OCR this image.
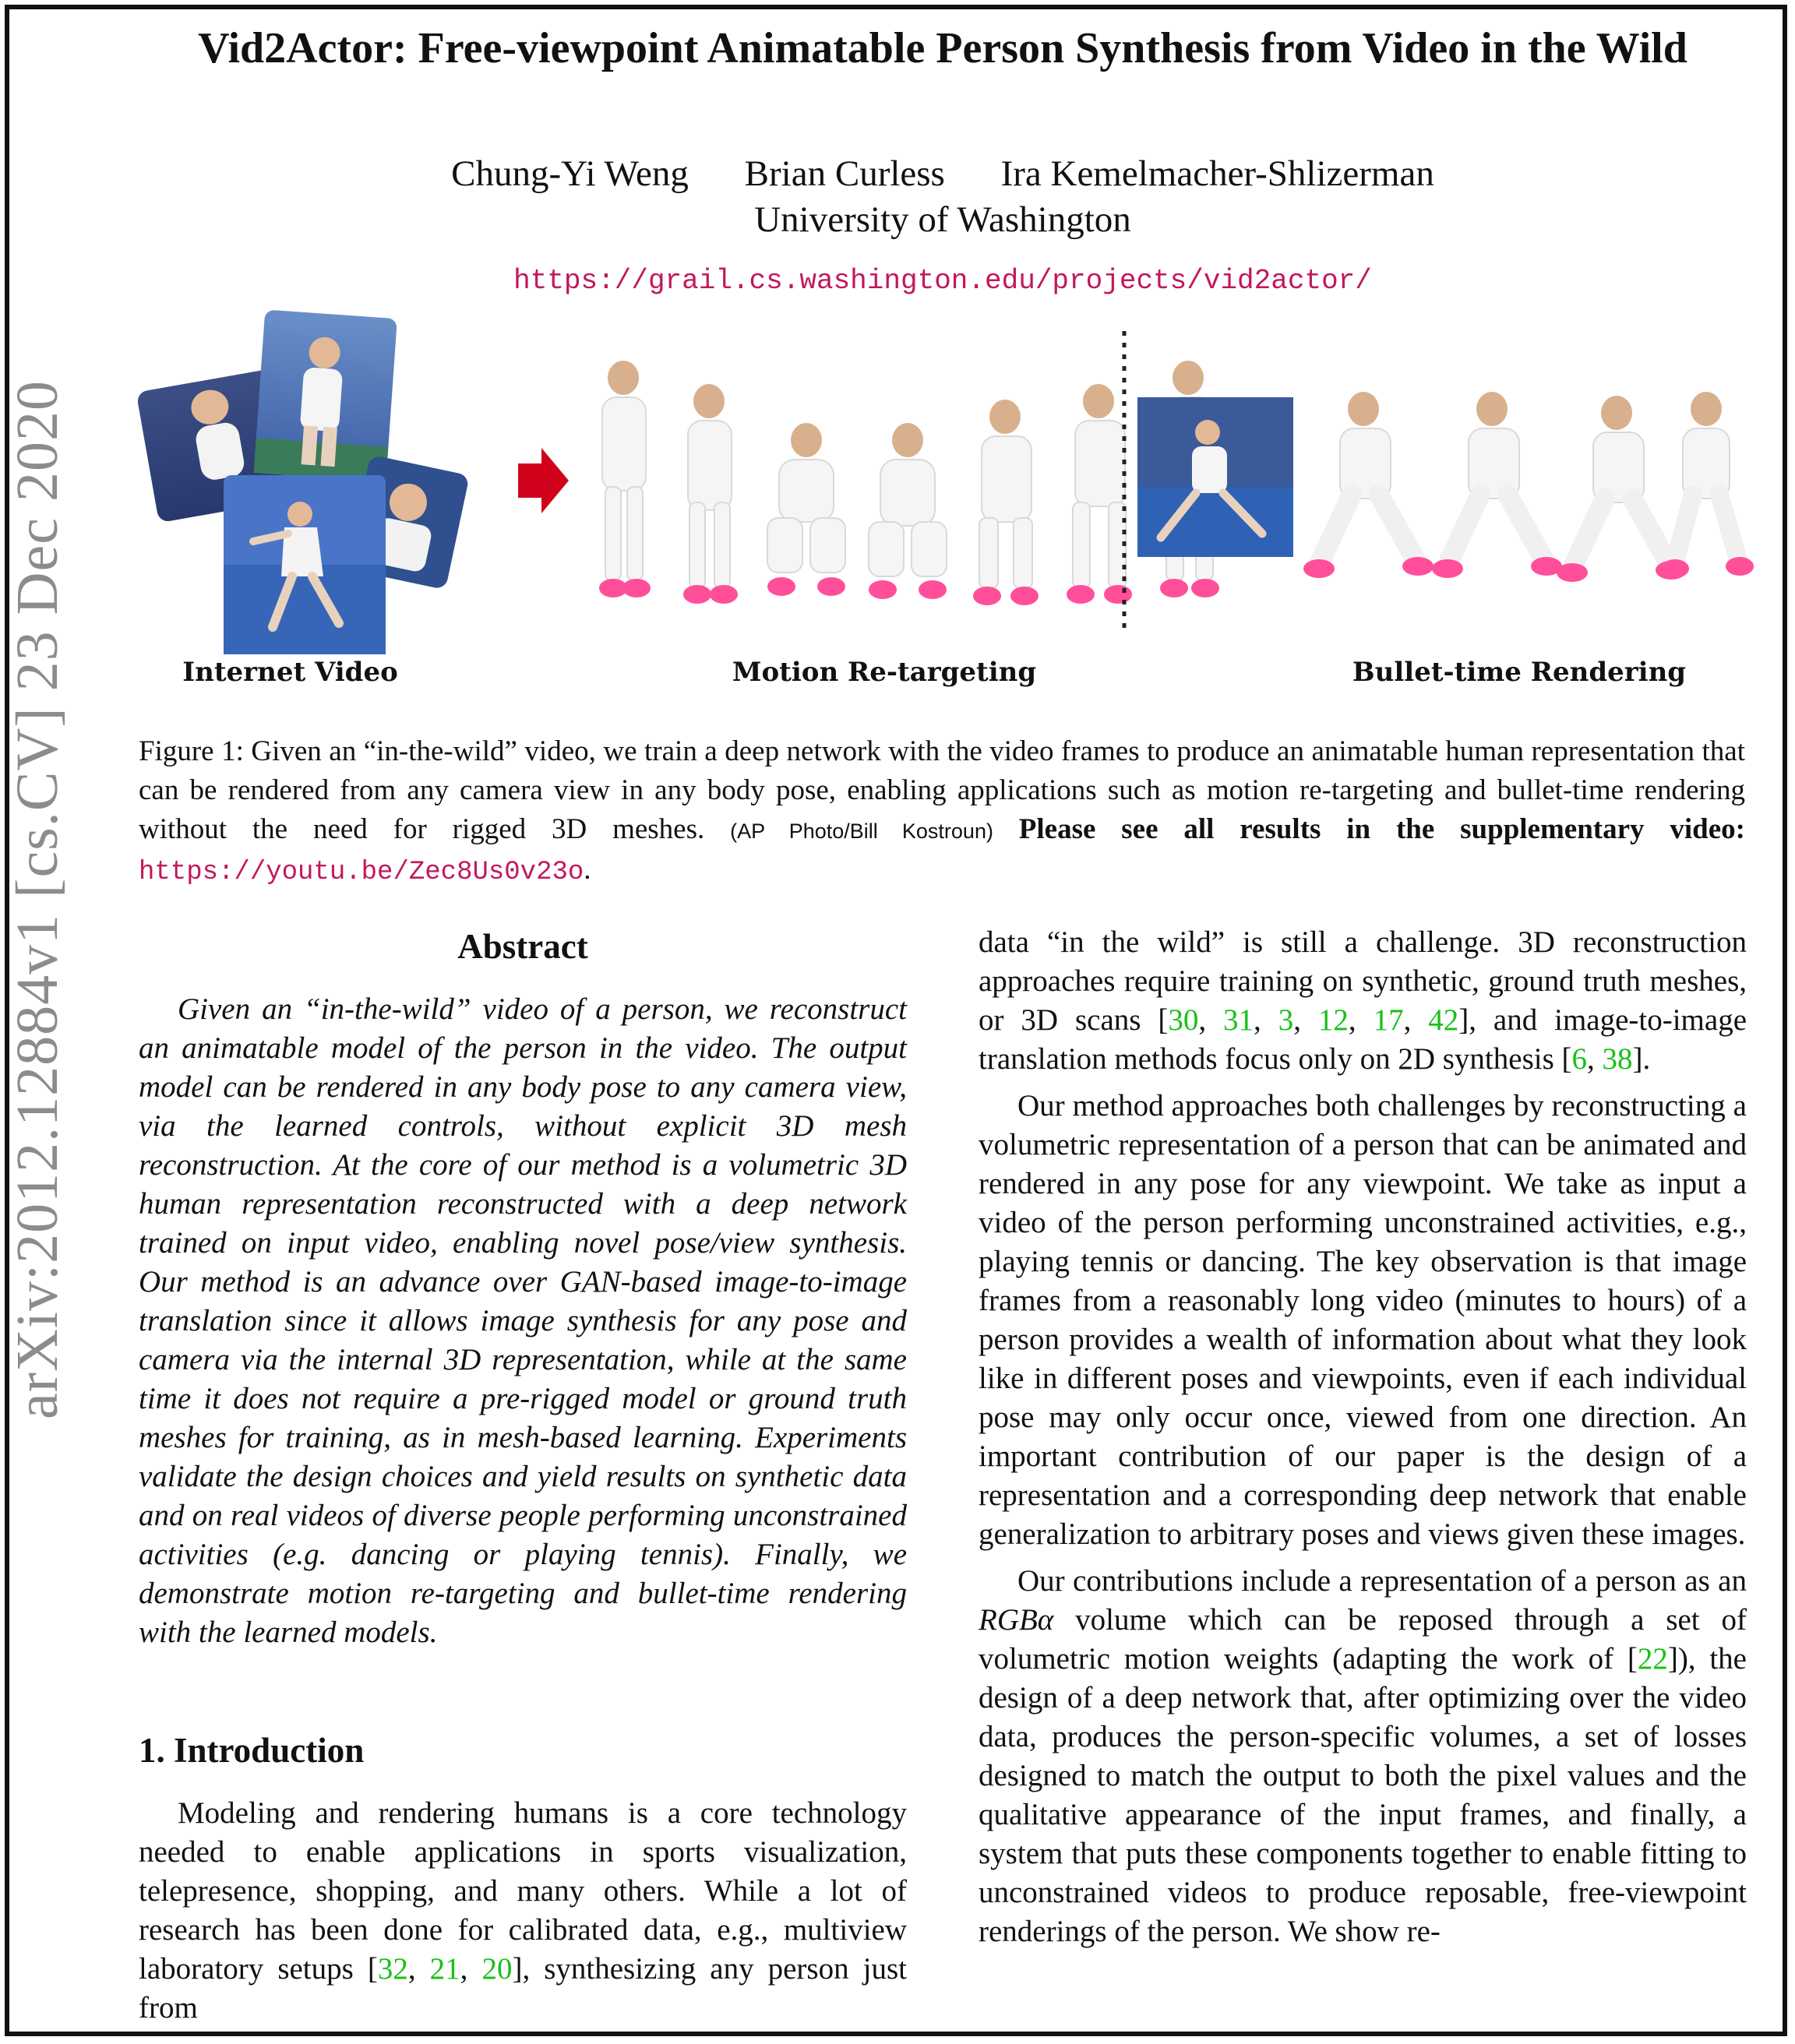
arXiv:2012.12884v1 [cs.CV] 23 Dec 2020
Vid2Actor: Free-viewpoint Animatable Person Synthesis from Video in the Wild
Chung-Yi Weng Brian Curless Ira Kemelmacher-Shlizerman
University of Washington
https://grail.cs.washington.edu/projects/vid2actor/
Internet Video	Motion Re-targeting	Bullet-time Rendering
Figure 1: Given an “in-the-wild” video, we train a deep network with the video frames to produce an animatable human representation that can be rendered from any camera view in any body pose, enabling applications such as motion re-targeting and bullet-time rendering without the need for rigged 3D meshes. (AP Photo/Bill Kostroun) Please see all results in the supplementary video: https://youtu.be/Zec8Us0v23o.
Abstract

Given an “in-the-wild” video of a person, we reconstruct an animatable model of the person in the video. The output model can be rendered in any body pose to any camera view, via the learned controls, without explicit 3D mesh reconstruction. At the core of our method is a volumetric 3D human representation reconstructed with a deep network trained on input video, enabling novel pose/view synthesis. Our method is an advance over GAN-based image-to-image translation since it allows image synthesis for any pose and camera via the internal 3D representation, while at the same time it does not require a pre-rigged model or ground truth meshes for training, as in mesh-based learning. Experiments validate the design choices and yield results on synthetic data and on real videos of diverse people performing unconstrained activities (e.g. dancing or playing tennis). Finally, we demonstrate motion re-targeting and bullet-time rendering with the learned models.

1. Introduction

Modeling and rendering humans is a core technology needed to enable applications in sports visualization, telepresence, shopping, and many others. While a lot of research has been done for calibrated data, e.g., multiview laboratory setups [32, 21, 20], synthesizing any person just from

data “in the wild” is still a challenge. 3D reconstruction approaches require training on synthetic, ground truth meshes, or 3D scans [30, 31, 3, 12, 17, 42], and image-to-image translation methods focus only on 2D synthesis [6, 38].

Our method approaches both challenges by reconstructing a volumetric representation of a person that can be animated and rendered in any pose for any viewpoint. We take as input a video of the person performing unconstrained activities, e.g., playing tennis or dancing. The key observation is that image frames from a reasonably long video (minutes to hours) of a person provides a wealth of information about what they look like in different poses and viewpoints, even if each individual pose may only occur once, viewed from one direction. An important contribution of our paper is the design of a representation and a corresponding deep network that enable generalization to arbitrary poses and views given these images.

Our contributions include a representation of a person as an RGBα volume which can be reposed through a set of volumetric motion weights (adapting the work of [22]), the design of a deep network that, after optimizing over the video data, produces the person-specific volumes, a set of losses designed to match the output to both the pixel values and the qualitative appearance of the input frames, and finally, a system that puts these components together to enable fitting to unconstrained videos to produce reposable, free-viewpoint renderings of the person. We show re-
